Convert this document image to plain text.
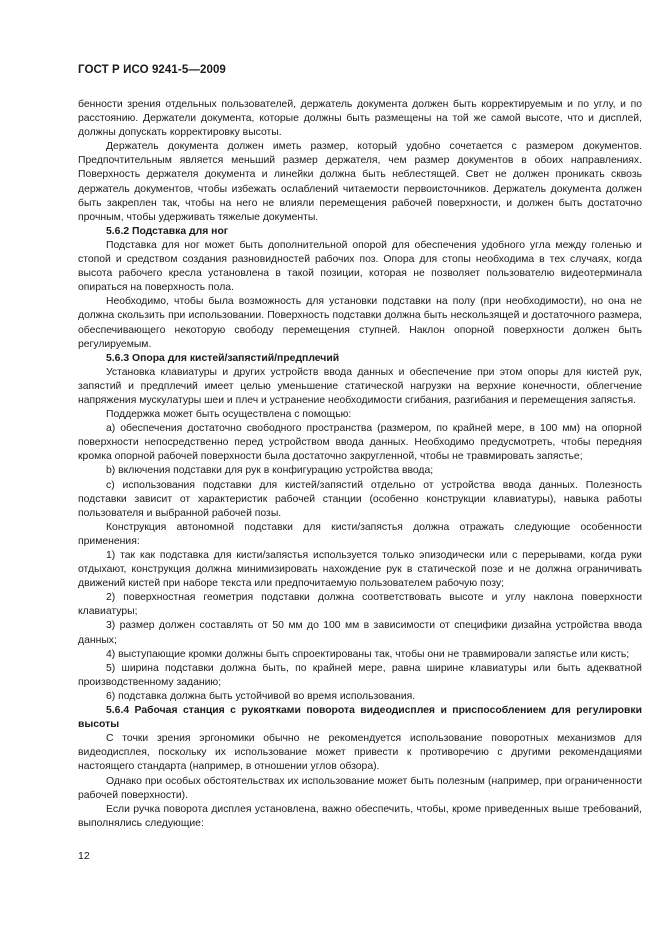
ГОСТ Р ИСО 9241-5—2009

бенности зрения отдельных пользователей, держатель документа должен быть корректируемым и по углу, и по расстоянию. Держатели документа, которые должны быть размещены на той же самой высоте, что и дисплей, должны допускать корректировку высоты.

Держатель документа должен иметь размер, который удобно сочетается с размером документов. Предпочтительным является меньший размер держателя, чем размер документов в обоих направлениях. Поверхность держателя документа и линейки должна быть неблестящей. Свет не должен проникать сквозь держатель документов, чтобы избежать ослаблений читаемости первоисточников. Держатель документа должен быть закреплен так, чтобы на него не влияли перемещения рабочей поверхности, и должен быть достаточно прочным, чтобы удерживать тяжелые документы.

5.6.2 Подставка для ног

Подставка для ног может быть дополнительной опорой для обеспечения удобного угла между голенью и стопой и средством создания разновидностей рабочих поз. Опора для стопы необходима в тех случаях, когда высота рабочего кресла установлена в такой позиции, которая не позволяет пользователю видеотерминала опираться на поверхность пола.

Необходимо, чтобы была возможность для установки подставки на полу (при необходимости), но она не должна скользить при использовании. Поверхность подставки должна быть нескользящей и достаточного размера, обеспечивающего некоторую свободу перемещения ступней. Наклон опорной поверхности должен быть регулируемым.

5.6.3 Опора для кистей/запястий/предплечий

Установка клавиатуры и других устройств ввода данных и обеспечение при этом опоры для кистей рук, запястий и предплечий имеет целью уменьшение статической нагрузки на верхние конечности, облегчение напряжения мускулатуры шеи и плеч и устранение необходимости сгибания, разгибания и перемещения запястья.

Поддержка может быть осуществлена с помощью:

а) обеспечения достаточно свободного пространства (размером, по крайней мере, в 100 мм) на опорной поверхности непосредственно перед устройством ввода данных. Необходимо предусмотреть, чтобы передняя кромка опорной рабочей поверхности была достаточно закругленной, чтобы не травмировать запястье;

b) включения подставки для рук в конфигурацию устройства ввода;

с) использования подставки для кистей/запястий отдельно от устройства ввода данных. Полезность подставки зависит от характеристик рабочей станции (особенно конструкции клавиатуры), навыка работы пользователя и выбранной рабочей позы.

Конструкция автономной подставки для кисти/запястья должна отражать следующие особенности применения:

1) так как подставка для кисти/запястья используется только эпизодически или с перерывами, когда руки отдыхают, конструкция должна минимизировать нахождение рук в статической позе и не должна ограничивать движений кистей при наборе текста или предпочитаемую пользователем рабочую позу;

2) поверхностная геометрия подставки должна соответствовать высоте и углу наклона поверхности клавиатуры;

3) размер должен составлять от 50 мм до 100 мм в зависимости от специфики дизайна устройства ввода данных;

4) выступающие кромки должны быть спроектированы так, чтобы они не травмировали запястье или кисть;

5) ширина подставки должна быть, по крайней мере, равна ширине клавиатуры или быть адекватной производственному заданию;

6) подставка должна быть устойчивой во время использования.

5.6.4 Рабочая станция с рукоятками поворота видеодисплея и приспособлением для регулировки высоты

С точки зрения эргономики обычно не рекомендуется использование поворотных механизмов для видеодисплея, поскольку их использование может привести к противоречию с другими рекомендациями настоящего стандарта (например, в отношении углов обзора).

Однако при особых обстоятельствах их использование может быть полезным (например, при ограниченности рабочей поверхности).

Если ручка поворота дисплея установлена, важно обеспечить, чтобы, кроме приведенных выше требований, выполнялись следующие:

12
